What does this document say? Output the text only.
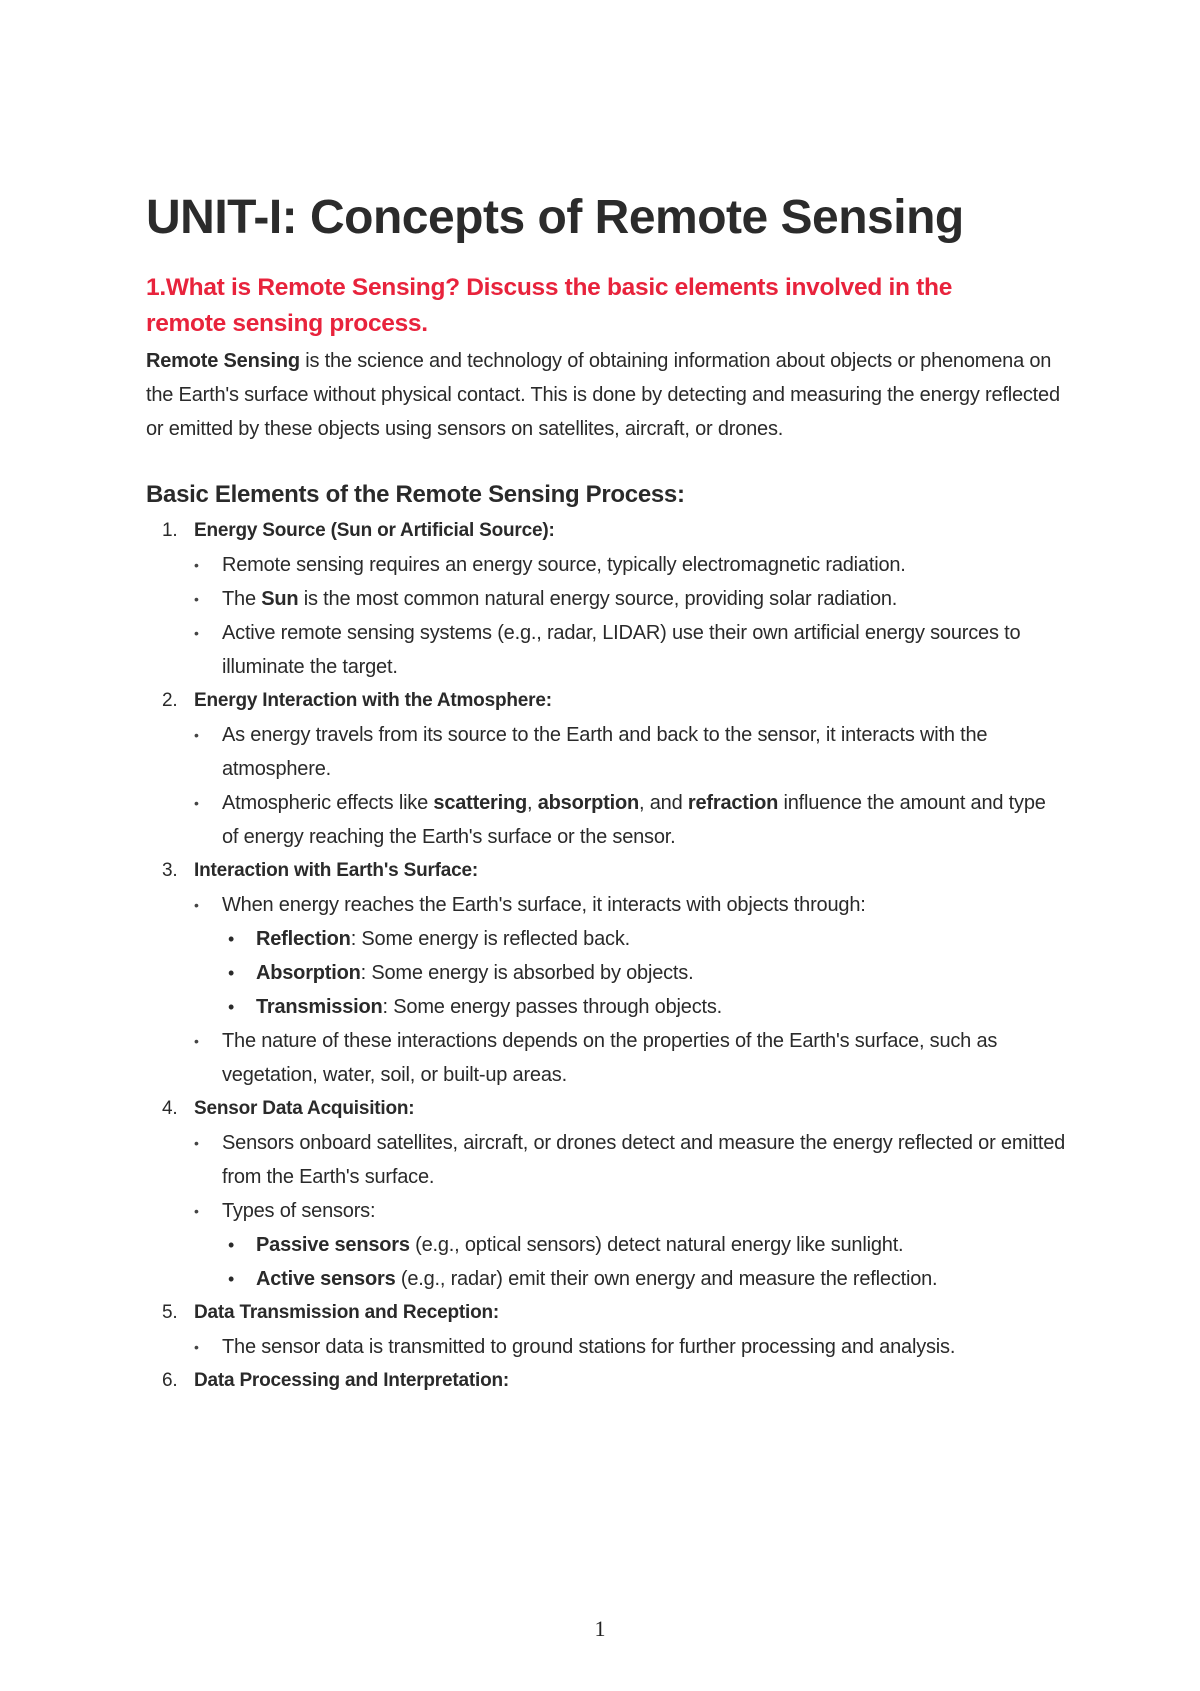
UNIT-I: Concepts of Remote Sensing
1.What is Remote Sensing? Discuss the basic elements involved in the
remote sensing process.

Remote Sensing is the science and technology of obtaining information about objects or phenomena on the Earth's surface without physical contact. This is done by detecting and measuring the energy reflected or emitted by these objects using sensors on satellites, aircraft, or drones.

Basic Elements of the Remote Sensing Process:
1. Energy Source (Sun or Artificial Source):
• Remote sensing requires an energy source, typically electromagnetic radiation.
• The Sun is the most common natural energy source, providing solar radiation.
• Active remote sensing systems (e.g., radar, LIDAR) use their own artificial energy sources to illuminate the target.
2. Energy Interaction with the Atmosphere:
• As energy travels from its source to the Earth and back to the sensor, it interacts with the atmosphere.
• Atmospheric effects like scattering, absorption, and refraction influence the amount and type of energy reaching the Earth's surface or the sensor.
3. Interaction with Earth's Surface:
• When energy reaches the Earth's surface, it interacts with objects through:
• Reflection: Some energy is reflected back.
• Absorption: Some energy is absorbed by objects.
• Transmission: Some energy passes through objects.
• The nature of these interactions depends on the properties of the Earth's surface, such as vegetation, water, soil, or built-up areas.
4. Sensor Data Acquisition:
• Sensors onboard satellites, aircraft, or drones detect and measure the energy reflected or emitted from the Earth's surface.
• Types of sensors:
• Passive sensors (e.g., optical sensors) detect natural energy like sunlight.
• Active sensors (e.g., radar) emit their own energy and measure the reflection.
5. Data Transmission and Reception:
• The sensor data is transmitted to ground stations for further processing and analysis.
6. Data Processing and Interpretation:
1
